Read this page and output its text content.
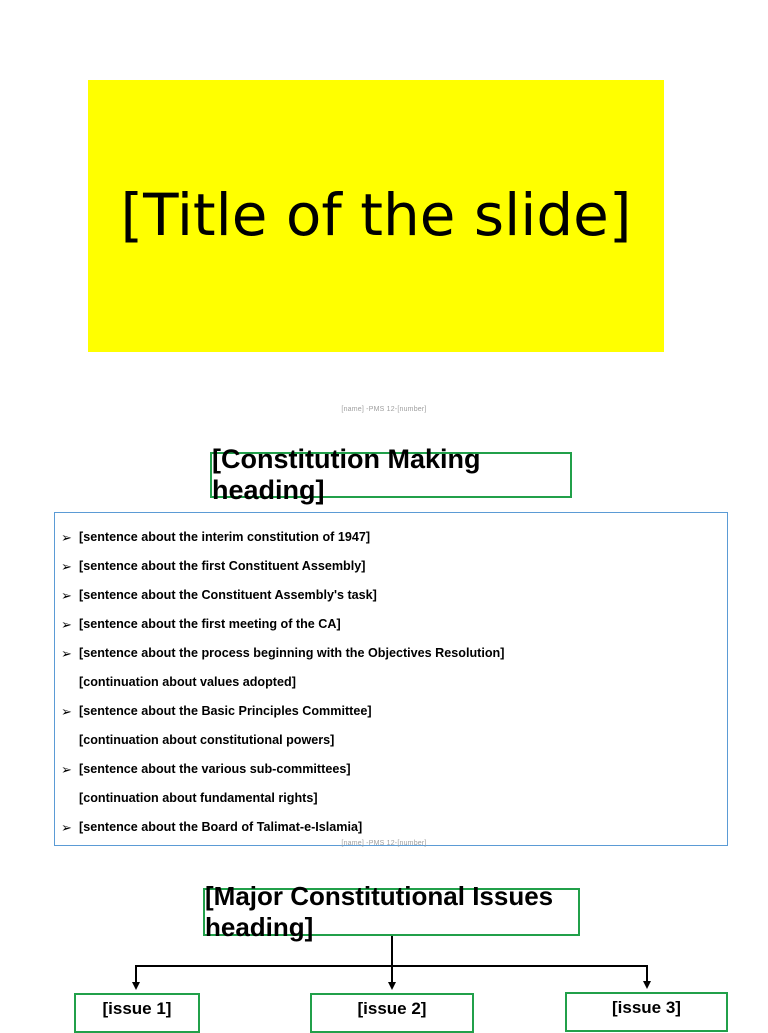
[Title of the slide]
[name] -PMS 12-[number]
[Constitution Making heading]
➢ [sentence about the interim constitution of 1947]
➢ [sentence about the first Constituent Assembly]
➢ [sentence about the Constituent Assembly's task]
➢ [sentence about the first meeting of the CA]
➢ [sentence about the process beginning with the Objectives Resolution]
[continuation about values adopted]
➢ [sentence about the Basic Principles Committee]
[continuation about constitutional powers]
➢ [sentence about the various sub-committees]
[continuation about fundamental rights]
➢ [sentence about the Board of Talimat-e-Islamia]
[name] -PMS 12-[number]
[Major Constitutional Issues heading]
[issue 1]	[issue 2]	[issue 3]
